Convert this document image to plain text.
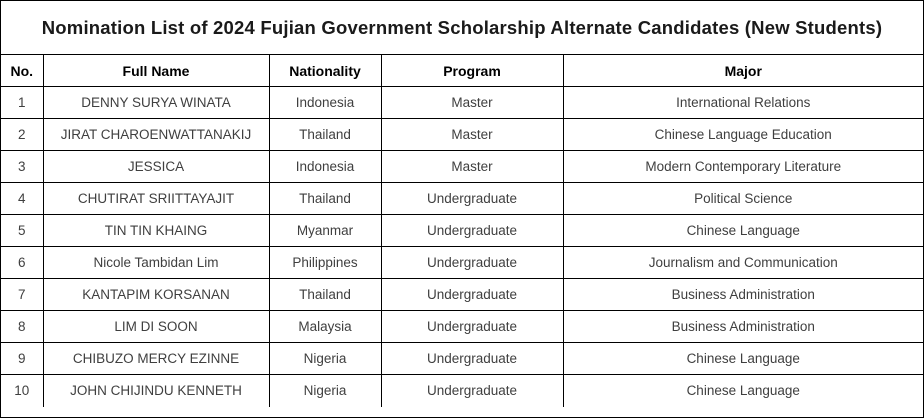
Nomination List of 2024 Fujian Government Scholarship Alternate Candidates (New Students)
No.	Full Name	Nationality	Program	Major
1	DENNY SURYA WINATA	Indonesia	Master	International Relations
2	JIRAT CHAROENWATTANAKIJ	Thailand	Master	Chinese Language Education
3	JESSICA	Indonesia	Master	Modern Contemporary Literature
4	CHUTIRAT SRIITTAYAJIT	Thailand	Undergraduate	Political Science
5	TIN TIN KHAING	Myanmar	Undergraduate	Chinese Language
6	Nicole Tambidan Lim	Philippines	Undergraduate	Journalism and Communication
7	KANTAPIM KORSANAN	Thailand	Undergraduate	Business Administration
8	LIM DI SOON	Malaysia	Undergraduate	Business Administration
9	CHIBUZO MERCY EZINNE	Nigeria	Undergraduate	Chinese Language
10	JOHN CHIJINDU KENNETH	Nigeria	Undergraduate	Chinese Language
